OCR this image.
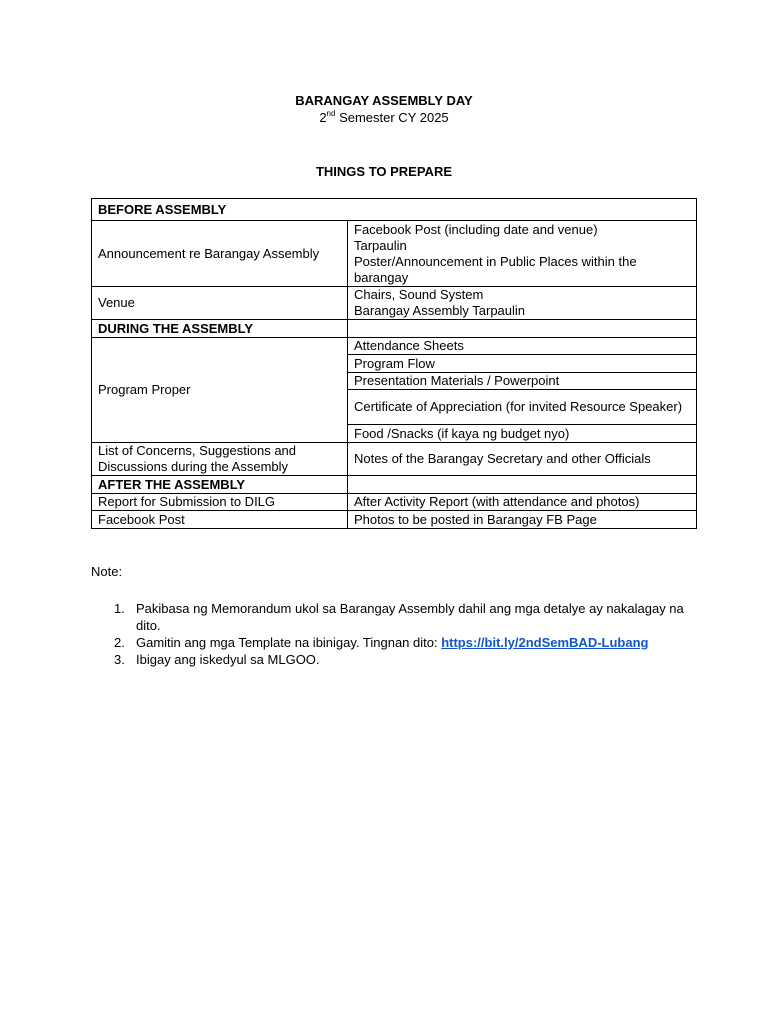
BARANGAY ASSEMBLY DAY
2nd Semester CY 2025
THINGS TO PREPARE
BEFORE ASSEMBLY	
Announcement re Barangay Assembly	Facebook Post (including date and venue)
Tarpaulin
Poster/Announcement in Public Places within the barangay

Venue	Chairs, Sound System
Barangay Assembly Tarpaulin

DURING THE ASSEMBLY	
Program Proper	Attendance Sheets
	Program Flow
	Presentation Materials / Powerpoint
	Certificate of Appreciation (for invited Resource Speaker)
	Food /Snacks (if kaya ng budget nyo)
List of Concerns, Suggestions and Discussions during the Assembly	Notes of the Barangay Secretary and other Officials
AFTER THE ASSEMBLY	
Report for Submission to DILG	After Activity Report (with attendance and photos)
Facebook Post	Photos to be posted in Barangay FB Page
Note:
1. Pakibasa ng Memorandum ukol sa Barangay Assembly dahil ang mga detalye ay nakalagay na dito.
2. Gamitin ang mga Template na ibinigay. Tingnan dito: https://bit.ly/2ndSemBAD-Lubang
3. Ibigay ang iskedyul sa MLGOO.
